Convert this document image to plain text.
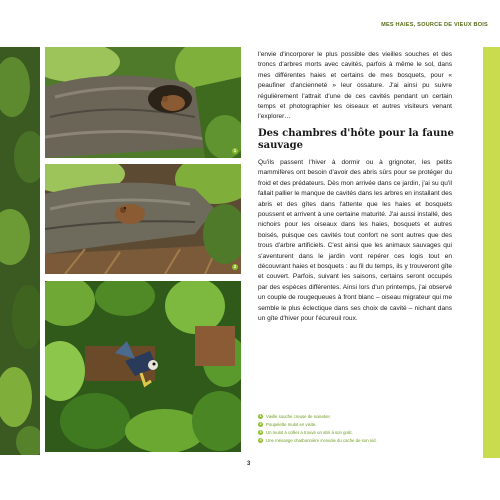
MES HAIES, SOURCE DE VIEUX BOIS
1
2

l'envie d'incorporer le plus possible des vieilles souches et des troncs d'arbres morts avec cavités, parfois à même le sol, dans mes différentes haies et certains de mes bosquets, pour « peaufiner d'ancienneté » leur ossature. J'ai ainsi pu suivre régulièrement l'attrait d'une de ces cavités pendant un certain temps et photographier les oiseaux et autres visiteurs venant l'explorer…

Des chambres d'hôte pour la faune sauvage

Qu'ils passent l'hiver à dormir ou à grignoter, les petits mammifères ont besoin d'avoir des abris sûrs pour se protéger du froid et des prédateurs. Dès mon arrivée dans ce jardin, j'ai su qu'il fallait pallier le manque de cavités dans les arbres en installant des abris et des gîtes dans l'attente que les haies et bosquets poussent et arrivent à une certaine maturité. J'ai aussi installé, des nichoirs pour les oiseaux dans les haies, bosquets et autres boisés, puisque ces cavités tout confort ne sont autres que des trous d'arbre artificiels. C'est ainsi que les animaux sauvages qui s'aventurent dans le jardin vont repérer ces logis tout en découvrant haies et bosquets : au fil du temps, ils y trouveront gîte et couvert. Parfois, suivant les saisons, certains seront occupés par des espèces différentes. Ainsi lors d'un printemps, j'ai observé un couple de rougequeues à front blanc – oiseau migrateur qui me semble le plus éclectique dans ses choix de cavité – nichant dans un gîte d'hiver pour l'écureuil roux.

1	Vieille souche creuse de noisetier.
2	Poupelette mulot en visite.
3	Un mulot à collier a trouvé un abri à son goût.
4	Une mésange charbonnière s'envole du cache de son nid.
3
